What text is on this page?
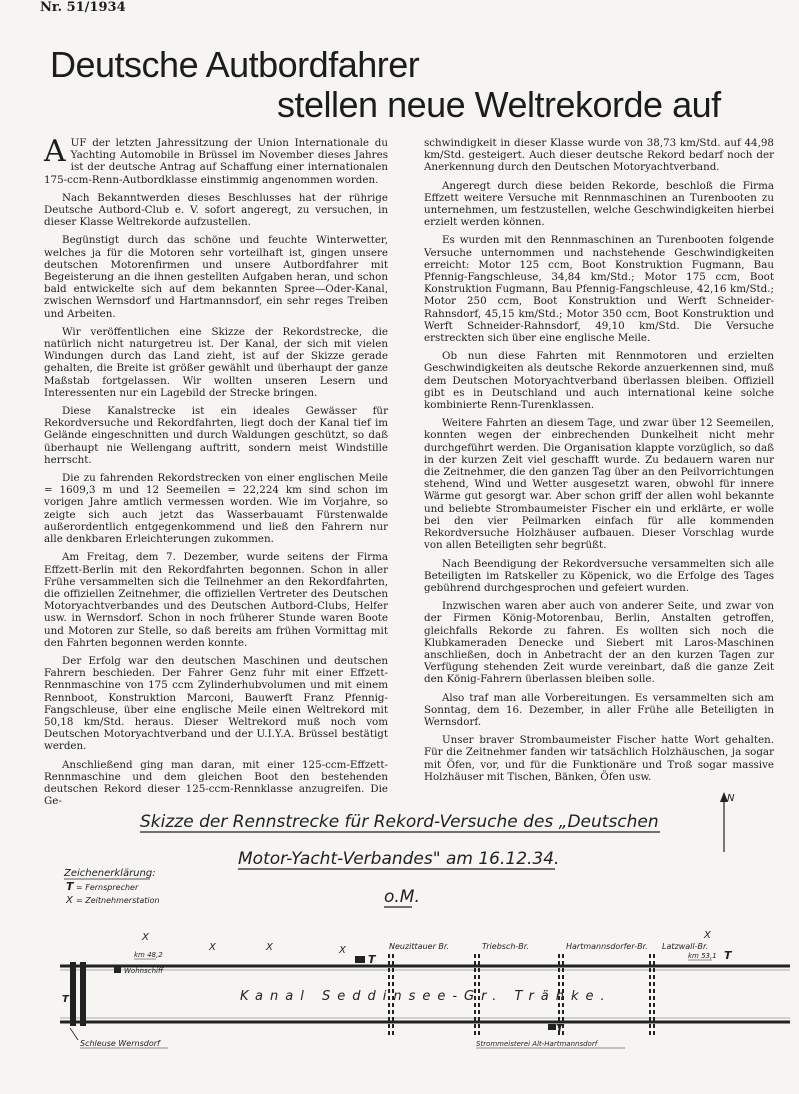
Nr. 51/1934
Deutsche Autbordfahrer
stellen neue Weltrekorde auf

AUF der letzten Jahressitzung der Union Internationale du Yachting Automobile in Brüssel im November dieses Jahres ist der deutsche Antrag auf Schaffung einer internationalen 175-ccm-Renn-Autbordklasse einstimmig angenommen worden.

Nach Bekanntwerden dieses Beschlusses hat der rührige Deutsche Autbord-Club e. V. sofort angeregt, zu versuchen, in dieser Klasse Weltrekorde aufzustellen.

Begünstigt durch das schöne und feuchte Winterwetter, welches ja für die Motoren sehr vorteilhaft ist, gingen unsere deutschen Motorenfirmen und unsere Autbordfahrer mit Begeisterung an die ihnen gestellten Aufgaben heran, und schon bald entwickelte sich auf dem bekannten Spree—Oder-Kanal, zwischen Wernsdorf und Hartmannsdorf, ein sehr reges Treiben und Arbeiten.

Wir veröffentlichen eine Skizze der Rekordstrecke, die natürlich nicht naturgetreu ist. Der Kanal, der sich mit vielen Windungen durch das Land zieht, ist auf der Skizze gerade gehalten, die Breite ist größer gewählt und überhaupt der ganze Maßstab fortgelassen. Wir wollten unseren Lesern und Interessenten nur ein Lagebild der Strecke bringen.

Diese Kanalstrecke ist ein ideales Gewässer für Rekordversuche und Rekordfahrten, liegt doch der Kanal tief im Gelände eingeschnitten und durch Waldungen geschützt, so daß überhaupt nie Wellengang auftritt, sondern meist Windstille herrscht.

Die zu fahrenden Rekordstrecken von einer englischen Meile = 1609,3 m und 12 Seemeilen = 22,224 km sind schon im vorigen Jahre amtlich vermessen worden. Wie im Vorjahre, so zeigte sich auch jetzt das Wasserbauamt Fürstenwalde außerordentlich entgegenkommend und ließ den Fahrern nur alle denkbaren Erleichterungen zukommen.

Am Freitag, dem 7. Dezember, wurde seitens der Firma Effzett-Berlin mit den Rekordfahrten begonnen. Schon in aller Frühe versammelten sich die Teilnehmer an den Rekordfahrten, die offiziellen Zeitnehmer, die offiziellen Vertreter des Deutschen Motoryachtverbandes und des Deutschen Autbord-Clubs, Helfer usw. in Wernsdorf. Schon in noch früherer Stunde waren Boote und Motoren zur Stelle, so daß bereits am frühen Vormittag mit den Fahrten begonnen werden konnte.

Der Erfolg war den deutschen Maschinen und deutschen Fahrern beschieden. Der Fahrer Genz fuhr mit einer Effzett-Rennmaschine von 175 ccm Zylinderhubvolumen und mit einem Rennboot, Konstruktion Marconi, Bauwerft Franz Pfennig-Fangschleuse, über eine englische Meile einen Weltrekord mit 50,18 km/Std. heraus. Dieser Weltrekord muß noch vom Deutschen Motoryachtverband und der U.I.Y.A. Brüssel bestätigt werden.

Anschließend ging man daran, mit einer 125-ccm-Effzett-Rennmaschine und dem gleichen Boot den bestehenden deutschen Rekord dieser 125-ccm-Rennklasse anzugreifen. Die Ge-

schwindigkeit in dieser Klasse wurde von 38,73 km/Std. auf 44,98 km/Std. gesteigert. Auch dieser deutsche Rekord bedarf noch der Anerkennung durch den Deutschen Motoryachtverband.

Angeregt durch diese beiden Rekorde, beschloß die Firma Effzett weitere Versuche mit Rennmaschinen an Turenbooten zu unternehmen, um festzustellen, welche Geschwindigkeiten hierbei erzielt werden können.

Es wurden mit den Rennmaschinen an Turenbooten folgende Versuche unternommen und nachstehende Geschwindigkeiten erreicht: Motor 125 ccm, Boot Konstruktion Fugmann, Bau Pfennig-Fangschleuse, 34,84 km/Std.; Motor 175 ccm, Boot Konstruktion Fugmann, Bau Pfennig-Fangschleuse, 42,16 km/Std.; Motor 250 ccm, Boot Konstruktion und Werft Schneider-Rahnsdorf, 45,15 km/Std.; Motor 350 ccm, Boot Konstruktion und Werft Schneider-Rahnsdorf, 49,10 km/Std. Die Versuche erstreckten sich über eine englische Meile.

Ob nun diese Fahrten mit Rennmotoren und erzielten Geschwindigkeiten als deutsche Rekorde anzuerkennen sind, muß dem Deutschen Motoryachtverband überlassen bleiben. Offiziell gibt es in Deutschland und auch international keine solche kombinierte Renn-Turenklassen.

Weitere Fahrten an diesem Tage, und zwar über 12 Seemeilen, konnten wegen der einbrechenden Dunkelheit nicht mehr durchgeführt werden. Die Organisation klappte vorzüglich, so daß in der kurzen Zeit viel geschafft wurde. Zu bedauern waren nur die Zeitnehmer, die den ganzen Tag über an den Peilvorrichtungen stehend, Wind und Wetter ausgesetzt waren, obwohl für innere Wärme gut gesorgt war. Aber schon griff der allen wohl bekannte und beliebte Strombaumeister Fischer ein und erklärte, er wolle bei den vier Peilmarken einfach für alle kommenden Rekordversuche Holzhäuser aufbauen. Dieser Vorschlag wurde von allen Beteiligten sehr begrüßt.

Nach Beendigung der Rekordversuche versammelten sich alle Beteiligten im Ratskeller zu Köpenick, wo die Erfolge des Tages gebührend durchgesprochen und gefeiert wurden.

Inzwischen waren aber auch von anderer Seite, und zwar von der Firmen König-Motorenbau, Berlin, Anstalten getroffen, gleichfalls Rekorde zu fahren. Es wollten sich noch die Klubkameraden Denecke und Siebert mit Laros-Maschinen anschließen, doch in Anbetracht der an den kurzen Tagen zur Verfügung stehenden Zeit wurde vereinbart, daß die ganze Zeit den König-Fahrern überlassen bleiben solle.

Also traf man alle Vorbereitungen. Es versammelten sich am Sonntag, dem 16. Dezember, in aller Frühe alle Beteiligten in Wernsdorf.

Unser braver Strombaumeister Fischer hatte Wort gehalten. Für die Zeitnehmer fanden wir tatsächlich Holzhäuschen, ja sogar mit Öfen, vor, und für die Funktionäre und Troß sogar massive Holzhäuser mit Tischen, Bänken, Öfen usw.

Skizze der Rennstrecke für Rekord-Versuche des „Deutschen
Motor-Yacht-Verbandes" am 16.12.34.
o.M.
N
Zeichenerklärung:
T = Fernsprecher
X = Zeitnehmerstation
T	Kanal Seddinsee-Gr. Tränke.
Neuzittauer Br.	Triebsch-Br.	Hartmannsdorfer-Br. Latzwall-Br.
X
X	X	X
X
km 48,2	km 53,1 T
Wohnschiff
T
T
Strommeisterei Alt-Hartmannsdorf
Schleuse Wernsdorf
